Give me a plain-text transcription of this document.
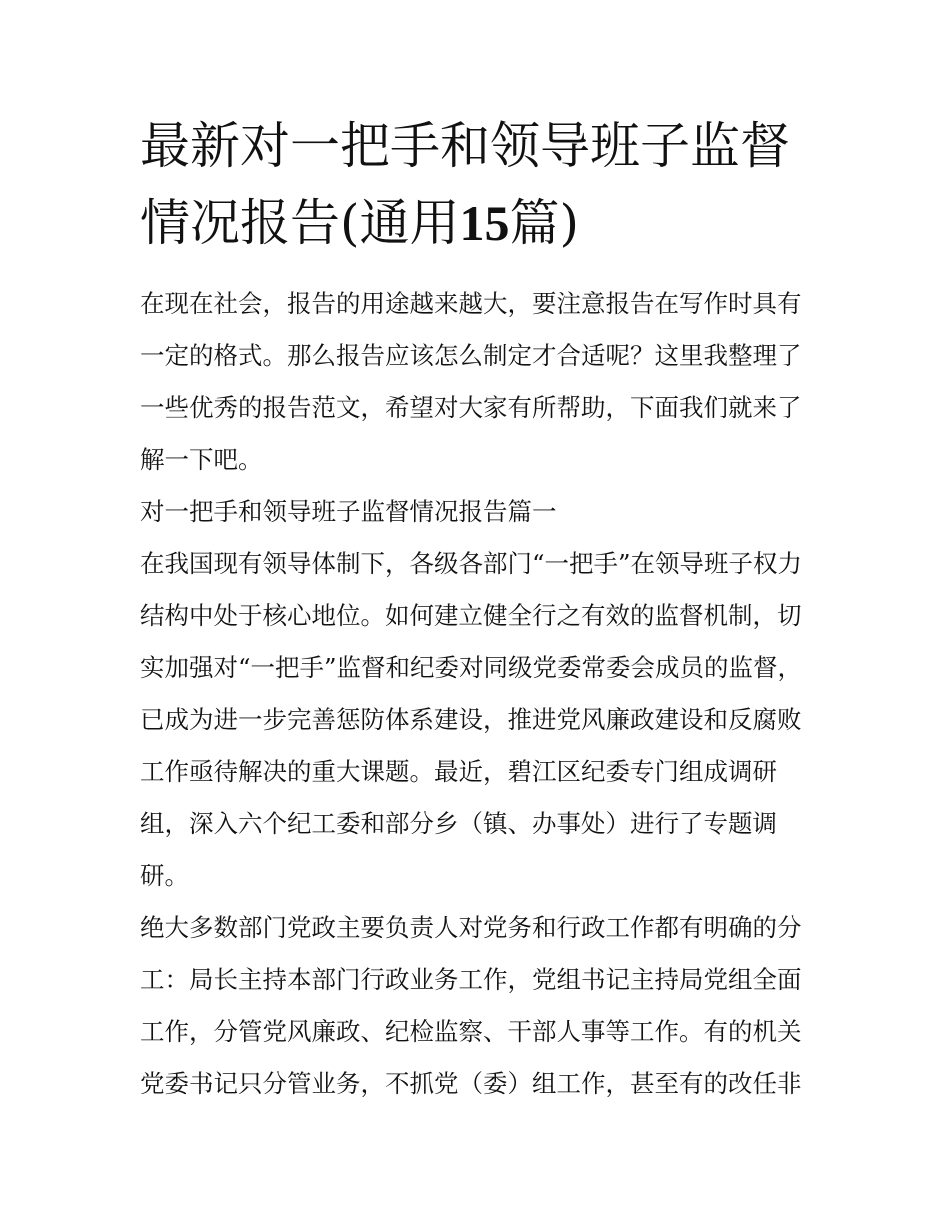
最新对一把手和领导班子监督
情况报告(通用15篇)

在现在社会，报告的用途越来越大，要注意报告在写作时具有
一定的格式。那么报告应该怎么制定才合适呢？这里我整理了
一些优秀的报告范文，希望对大家有所帮助，下面我们就来了
解一下吧。

对一把手和领导班子监督情况报告篇一

在我国现有领导体制下，各级各部门“一把手”在领导班子权力
结构中处于核心地位。如何建立健全行之有效的监督机制，切
实加强对“一把手”监督和纪委对同级党委常委会成员的监督，
已成为进一步完善惩防体系建设，推进党风廉政建设和反腐败
工作亟待解决的重大课题。最近，碧江区纪委专门组成调研
组，深入六个纪工委和部分乡（镇、办事处）进行了专题调
研。

绝大多数部门党政主要负责人对党务和行政工作都有明确的分
工：局长主持本部门行政业务工作，党组书记主持局党组全面
工作，分管党风廉政、纪检监察、干部人事等工作。有的机关
党委书记只分管业务，不抓党（委）组工作，甚至有的改任非
